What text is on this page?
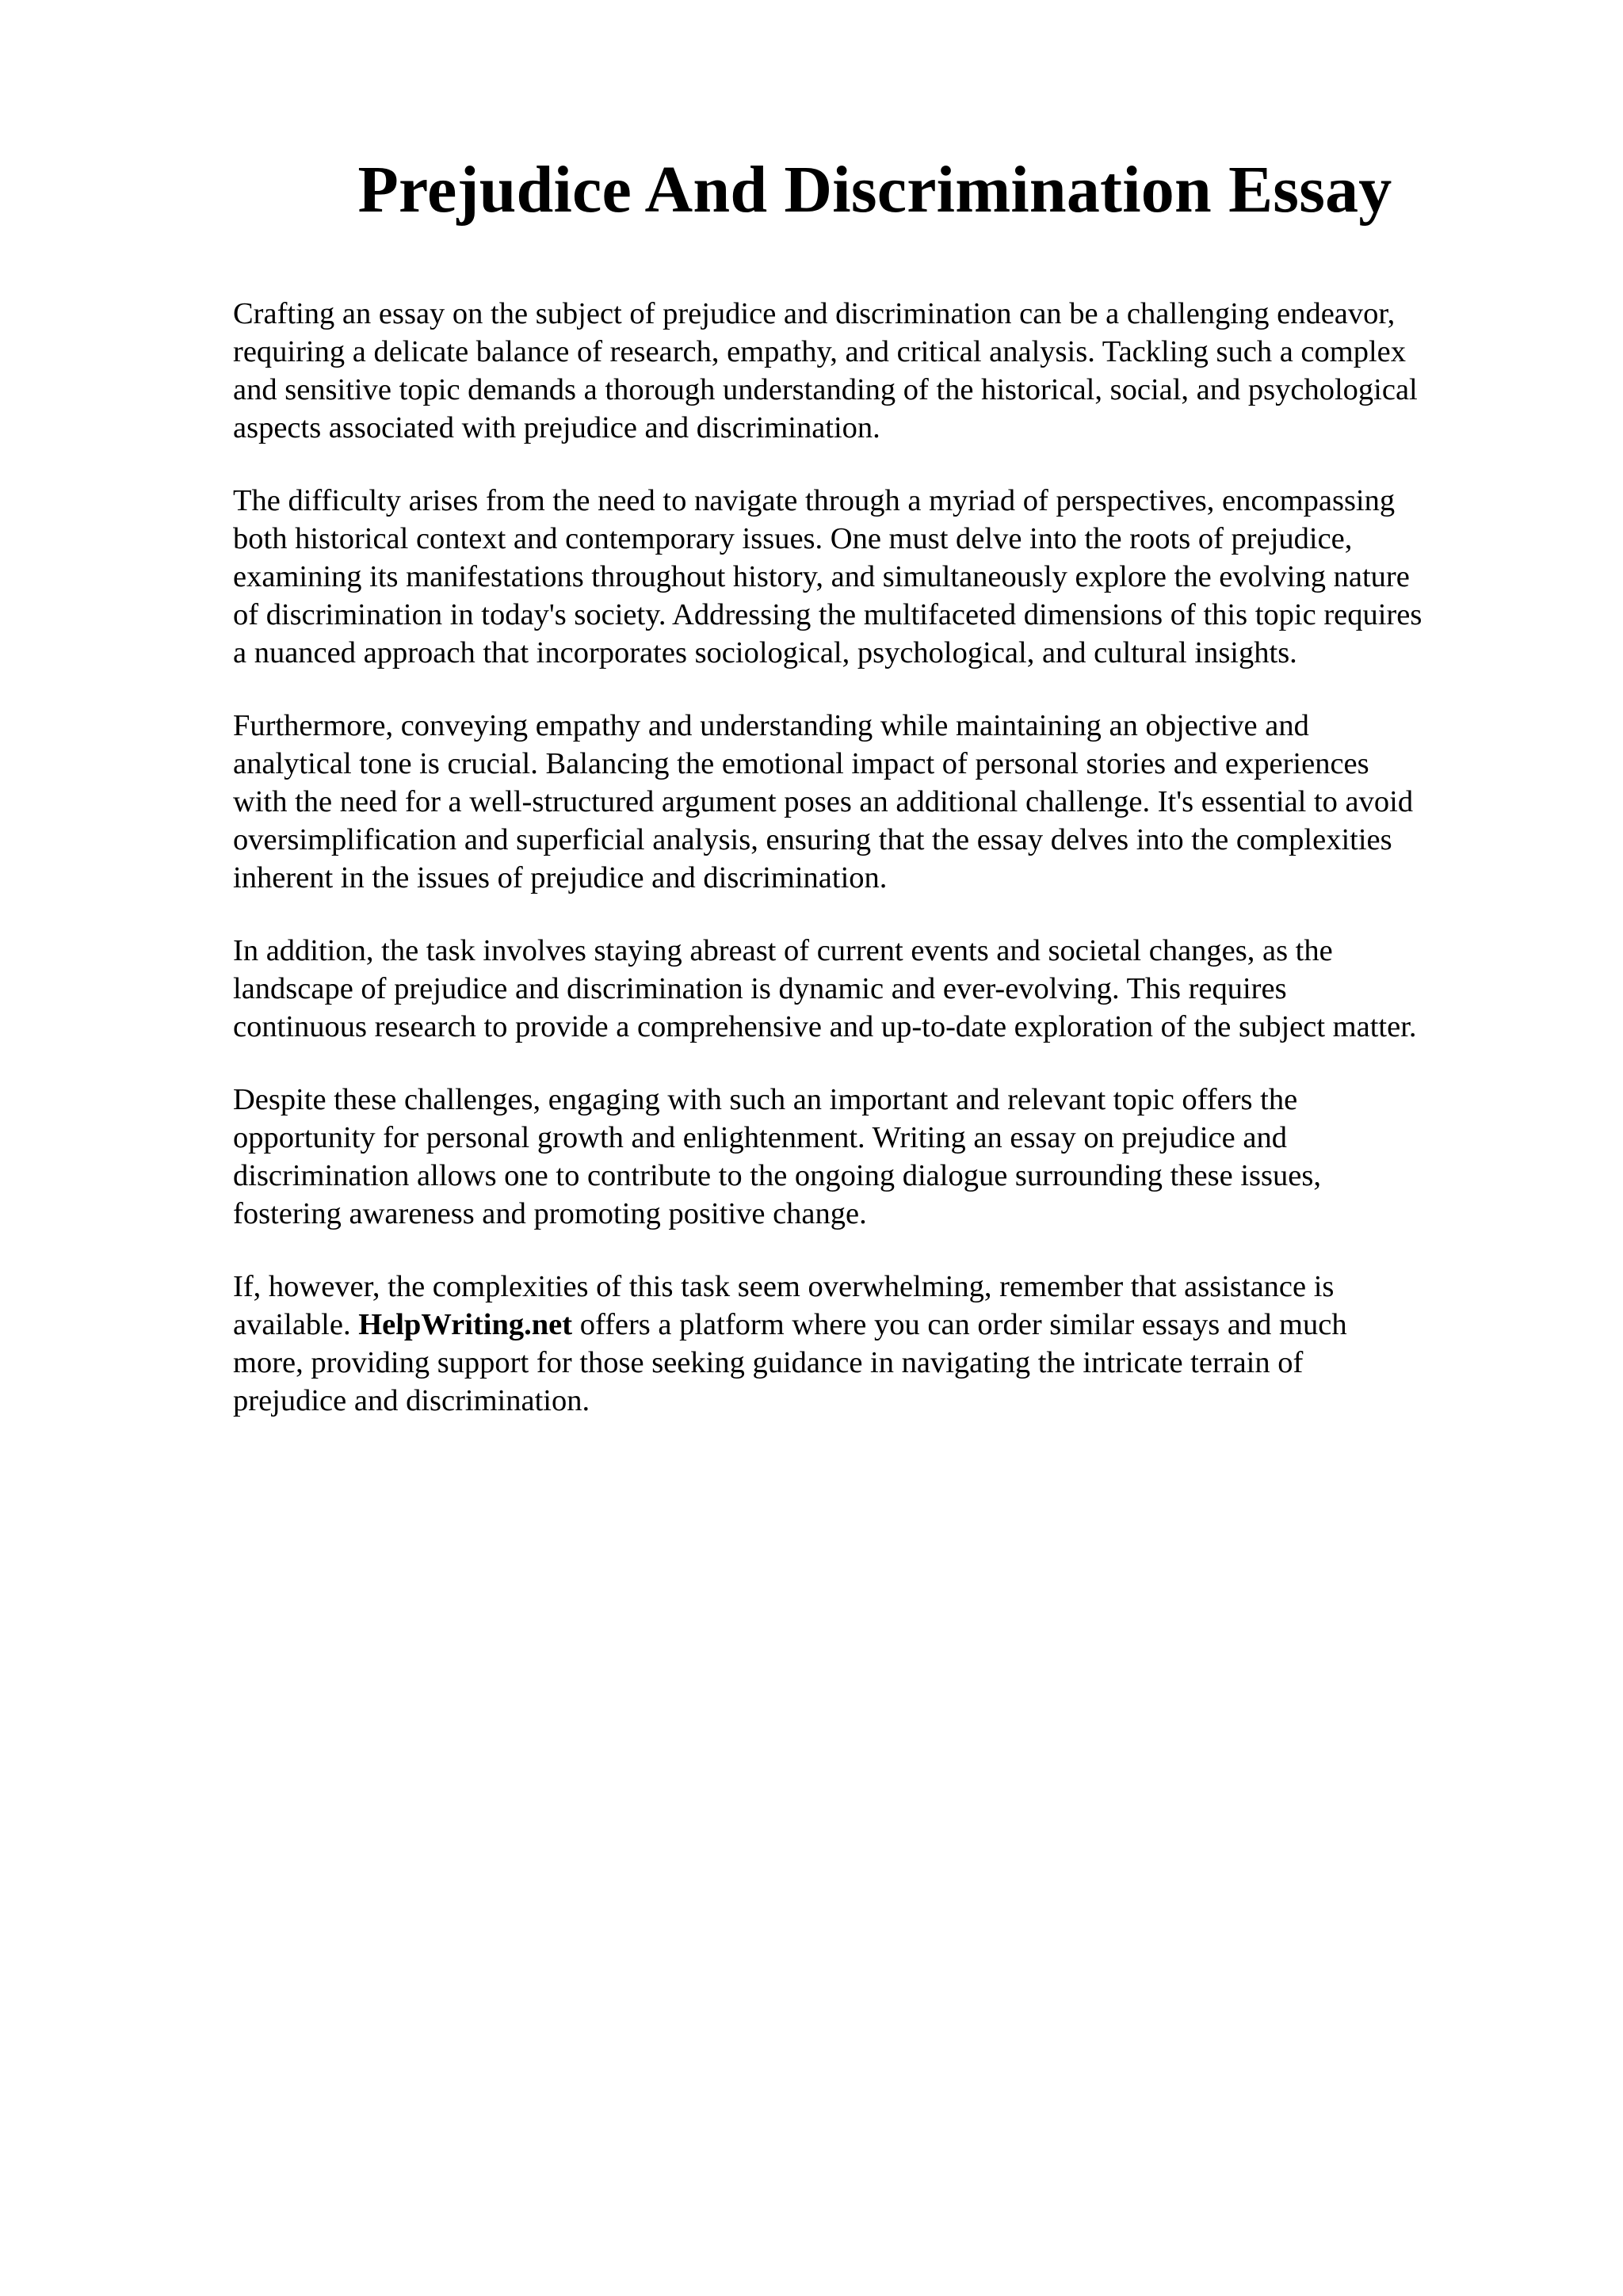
Prejudice And Discrimination Essay

Crafting an essay on the subject of prejudice and discrimination can be a challenging endeavor,
requiring a delicate balance of research, empathy, and critical analysis. Tackling such a complex
and sensitive topic demands a thorough understanding of the historical, social, and psychological
aspects associated with prejudice and discrimination.

The difficulty arises from the need to navigate through a myriad of perspectives, encompassing
both historical context and contemporary issues. One must delve into the roots of prejudice,
examining its manifestations throughout history, and simultaneously explore the evolving nature
of discrimination in today's society. Addressing the multifaceted dimensions of this topic requires
a nuanced approach that incorporates sociological, psychological, and cultural insights.

Furthermore, conveying empathy and understanding while maintaining an objective and
analytical tone is crucial. Balancing the emotional impact of personal stories and experiences
with the need for a well-structured argument poses an additional challenge. It's essential to avoid
oversimplification and superficial analysis, ensuring that the essay delves into the complexities
inherent in the issues of prejudice and discrimination.

In addition, the task involves staying abreast of current events and societal changes, as the
landscape of prejudice and discrimination is dynamic and ever-evolving. This requires
continuous research to provide a comprehensive and up-to-date exploration of the subject matter.

Despite these challenges, engaging with such an important and relevant topic offers the
opportunity for personal growth and enlightenment. Writing an essay on prejudice and
discrimination allows one to contribute to the ongoing dialogue surrounding these issues,
fostering awareness and promoting positive change.

If, however, the complexities of this task seem overwhelming, remember that assistance is
available. HelpWriting.net offers a platform where you can order similar essays and much
more, providing support for those seeking guidance in navigating the intricate terrain of
prejudice and discrimination.
